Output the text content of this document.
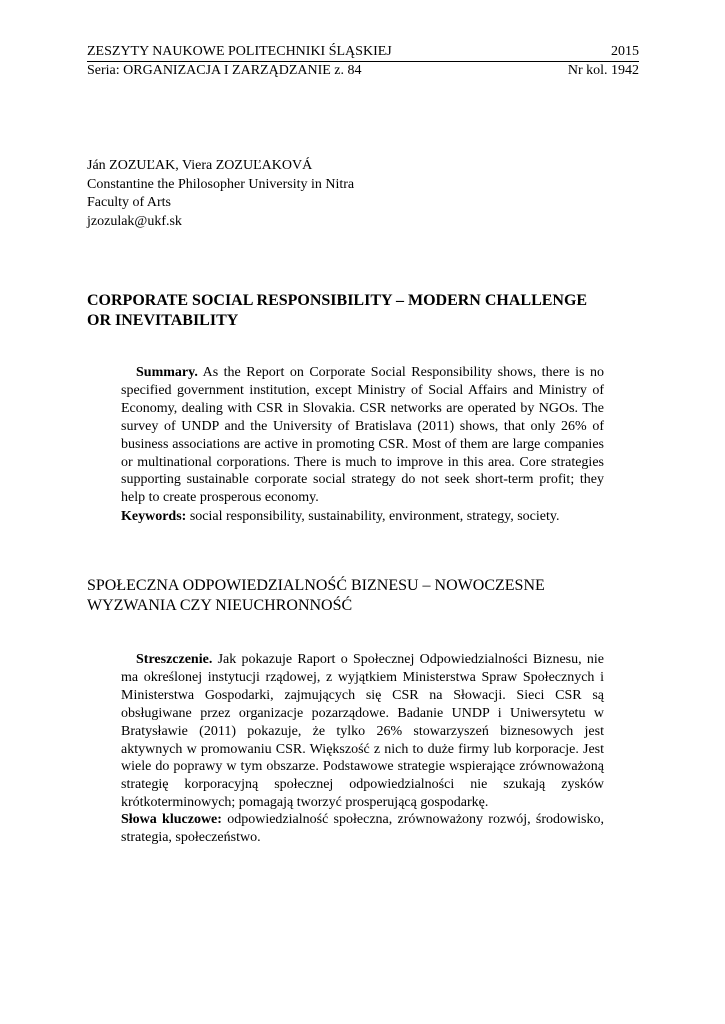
ZESZYTY NAUKOWE POLITECHNIKI ŚLĄSKIEJ	2015
Seria: ORGANIZACJA I ZARZĄDZANIE z. 84	Nr kol. 1942
Ján ZOZUĽAK, Viera ZOZUĽAKOVÁ
Constantine the Philosopher University in Nitra
Faculty of Arts
jzozulak@ukf.sk
CORPORATE SOCIAL RESPONSIBILITY – MODERN CHALLENGE
OR INEVITABILITY

Summary. As the Report on Corporate Social Responsibility shows, there is no specified government institution, except Ministry of Social Affairs and Ministry of Economy, dealing with CSR in Slovakia. CSR networks are operated by NGOs. The survey of UNDP and the University of Bratislava (2011) shows, that only 26% of business associations are active in promoting CSR. Most of them are large companies or multinational corporations. There is much to improve in this area. Core strategies supporting sustainable corporate social strategy do not seek short-term profit; they help to create prosperous economy.

Keywords: social responsibility, sustainability, environment, strategy, society.
SPOŁECZNA ODPOWIEDZIALNOŚĆ BIZNESU – NOWOCZESNE
WYZWANIA CZY NIEUCHRONNOŚĆ

Streszczenie. Jak pokazuje Raport o Społecznej Odpowiedzialności Biznesu, nie ma określonej instytucji rządowej, z wyjątkiem Ministerstwa Spraw Społecznych i Ministerstwa Gospodarki, zajmujących się CSR na Słowacji. Sieci CSR są obsługiwane przez organizacje pozarządowe. Badanie UNDP i Uniwersytetu w Bratysławie (2011) pokazuje, że tylko 26% stowarzyszeń biznesowych jest aktywnych w promowaniu CSR. Większość z nich to duże firmy lub korporacje. Jest wiele do poprawy w tym obszarze. Podstawowe strategie wspierające zrównoważoną strategię korporacyjną społecznej odpowiedzialności nie szukają zysków krótkoterminowych; pomagają tworzyć prosperującą gospodarkę.

Słowa kluczowe: odpowiedzialność społeczna, zrównoważony rozwój, środowisko, strategia, społeczeństwo.
